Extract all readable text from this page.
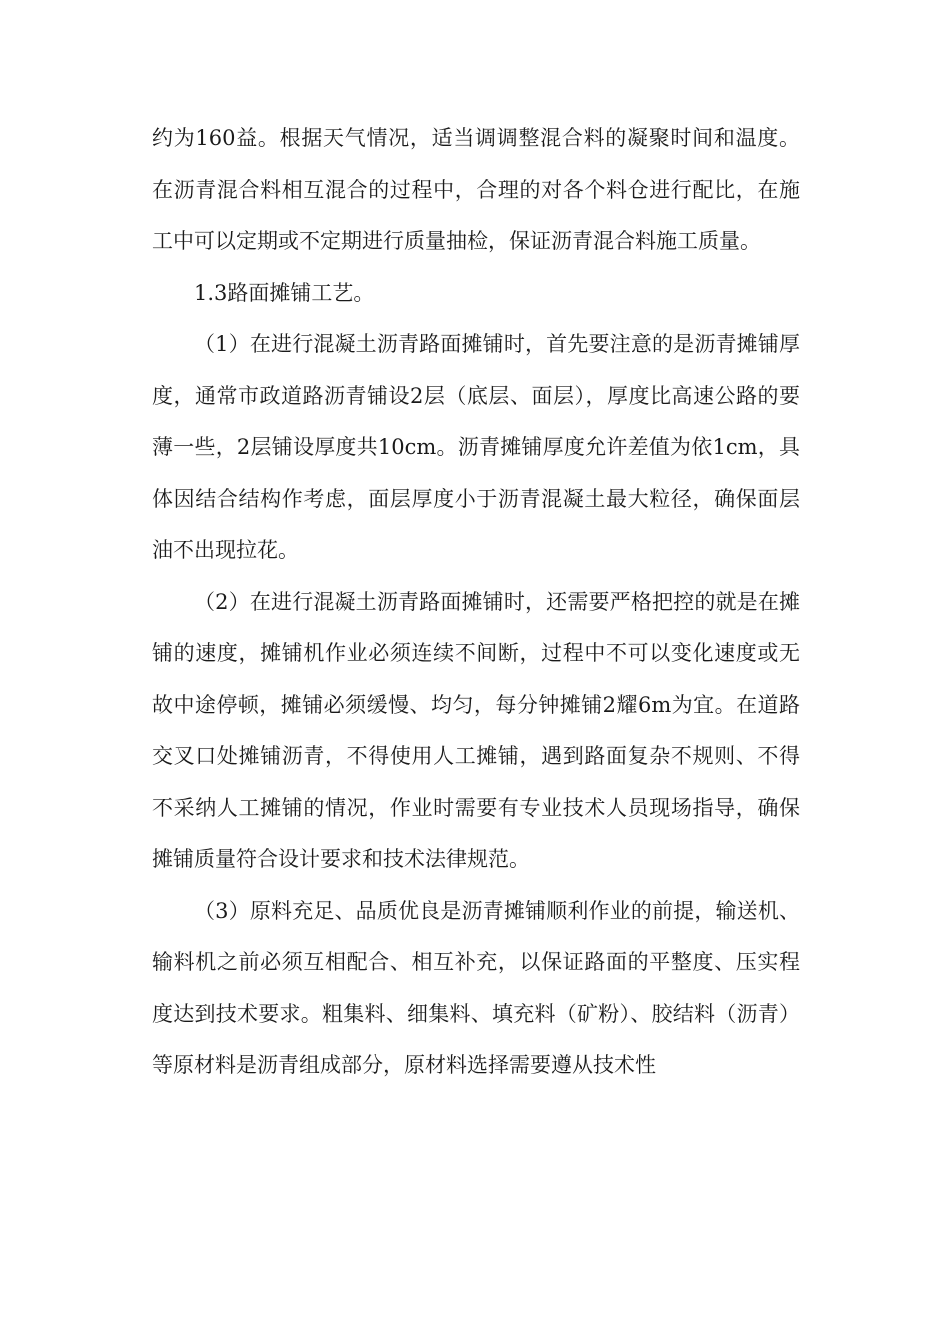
约为160益。根据天气情况，适当调调整混合料的凝聚时间和温度。在沥青混合料相互混合的过程中，合理的对各个料仓进行配比，在施工中可以定期或不定期进行质量抽检，保证沥青混合料施工质量。

1.3路面摊铺工艺。

（1）在进行混凝土沥青路面摊铺时，首先要注意的是沥青摊铺厚度，通常市政道路沥青铺设2层（底层、面层），厚度比高速公路的要薄一些，2层铺设厚度共10cm。沥青摊铺厚度允许差值为依1cm，具体因结合结构作考虑，面层厚度小于沥青混凝土最大粒径，确保面层油不出现拉花。

（2）在进行混凝土沥青路面摊铺时，还需要严格把控的就是在摊铺的速度，摊铺机作业必须连续不间断，过程中不可以变化速度或无故中途停顿，摊铺必须缓慢、均匀，每分钟摊铺2耀6m为宜。在道路交叉口处摊铺沥青，不得使用人工摊铺，遇到路面复杂不规则、不得不采纳人工摊铺的情况，作业时需要有专业技术人员现场指导，确保摊铺质量符合设计要求和技术法律规范。

（3）原料充足、品质优良是沥青摊铺顺利作业的前提，输送机、输料机之前必须互相配合、相互补充，以保证路面的平整度、压实程度达到技术要求。粗集料、细集料、填充料（矿粉）、胶结料（沥青）等原材料是沥青组成部分，原材料选择需要遵从技术性
